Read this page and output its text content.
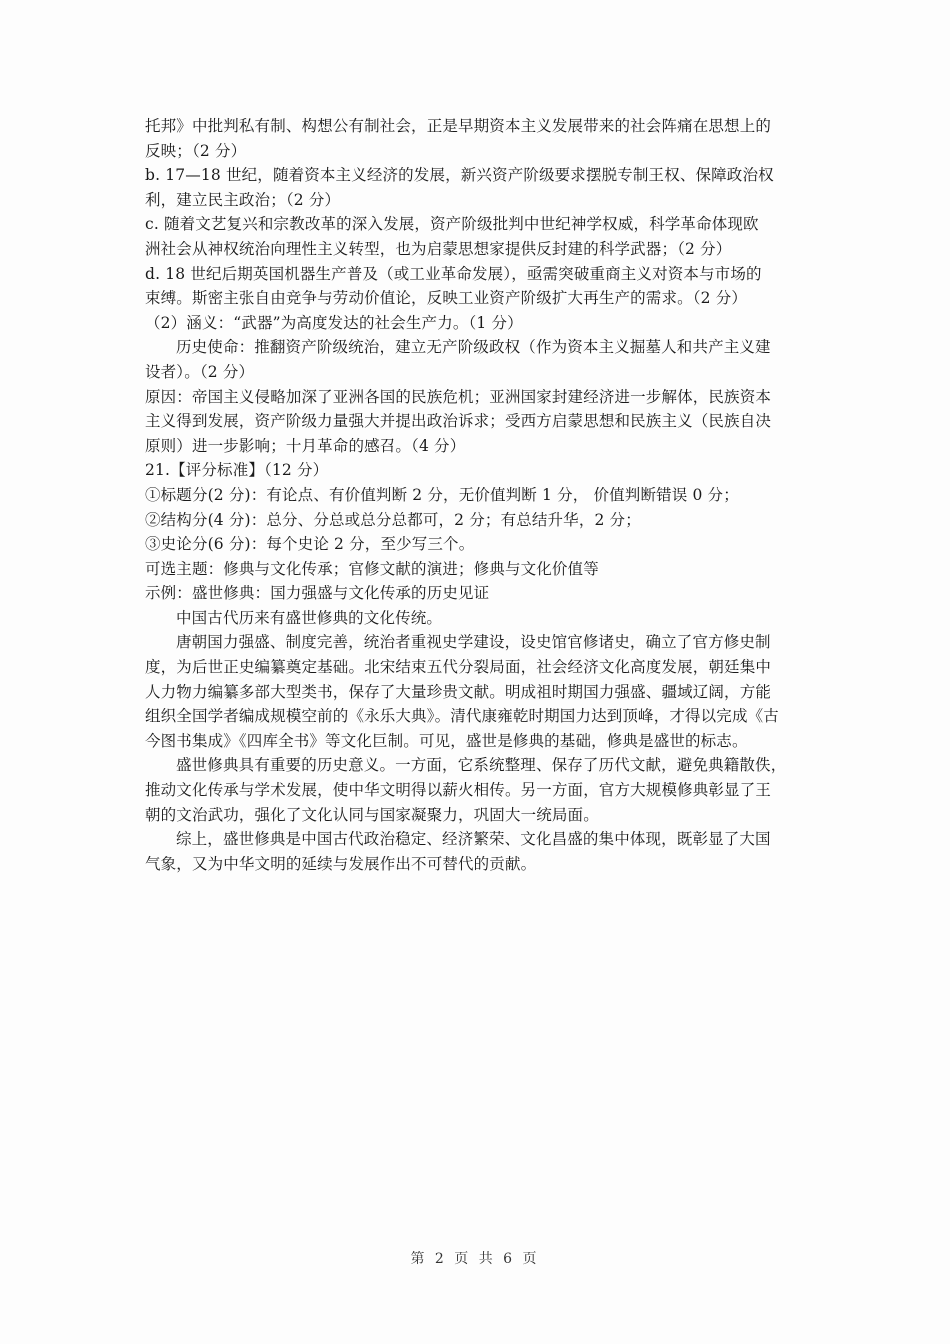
托邦》中批判私有制、构想公有制社会，正是早期资本主义发展带来的社会阵痛在思想上的
反映；（2 分）
b. 17—18 世纪，随着资本主义经济的发展，新兴资产阶级要求摆脱专制王权、保障政治权
利，建立民主政治；（2 分）
c. 随着文艺复兴和宗教改革的深入发展，资产阶级批判中世纪神学权威，科学革命体现欧
洲社会从神权统治向理性主义转型，也为启蒙思想家提供反封建的科学武器；（2 分）
d. 18 世纪后期英国机器生产普及（或工业革命发展），亟需突破重商主义对资本与市场的
束缚。斯密主张自由竞争与劳动价值论，反映工业资产阶级扩大再生产的需求。（2 分）
（2）涵义：“武器”为高度发达的社会生产力。（1 分）
历史使命：推翻资产阶级统治，建立无产阶级政权（作为资本主义掘墓人和共产主义建
设者）。（2 分）
原因：帝国主义侵略加深了亚洲各国的民族危机；亚洲国家封建经济进一步解体，民族资本
主义得到发展，资产阶级力量强大并提出政治诉求；受西方启蒙思想和民族主义（民族自决
原则）进一步影响；十月革命的感召。（4 分）
21.【评分标准】（12 分）
①标题分(2 分)：有论点、有价值判断 2 分，无价值判断 1 分， 价值判断错误 0 分；
②结构分(4 分)：总分、分总或总分总都可，2 分；有总结升华，2 分；
③史论分(6 分)：每个史论 2 分，至少写三个。
可选主题：修典与文化传承；官修文献的演进；修典与文化价值等
示例：盛世修典：国力强盛与文化传承的历史见证
中国古代历来有盛世修典的文化传统。
唐朝国力强盛、制度完善，统治者重视史学建设，设史馆官修诸史，确立了官方修史制
度，为后世正史编纂奠定基础。北宋结束五代分裂局面，社会经济文化高度发展，朝廷集中
人力物力编纂多部大型类书，保存了大量珍贵文献。明成祖时期国力强盛、疆域辽阔，方能
组织全国学者编成规模空前的《永乐大典》。清代康雍乾时期国力达到顶峰，才得以完成《古
今图书集成》《四库全书》等文化巨制。可见，盛世是修典的基础，修典是盛世的标志。
盛世修典具有重要的历史意义。一方面，它系统整理、保存了历代文献，避免典籍散佚，
推动文化传承与学术发展，使中华文明得以薪火相传。另一方面，官方大规模修典彰显了王
朝的文治武功，强化了文化认同与国家凝聚力，巩固大一统局面。
综上，盛世修典是中国古代政治稳定、经济繁荣、文化昌盛的集中体现，既彰显了大国
气象，又为中华文明的延续与发展作出不可替代的贡献。
第 2 页 共 6 页
